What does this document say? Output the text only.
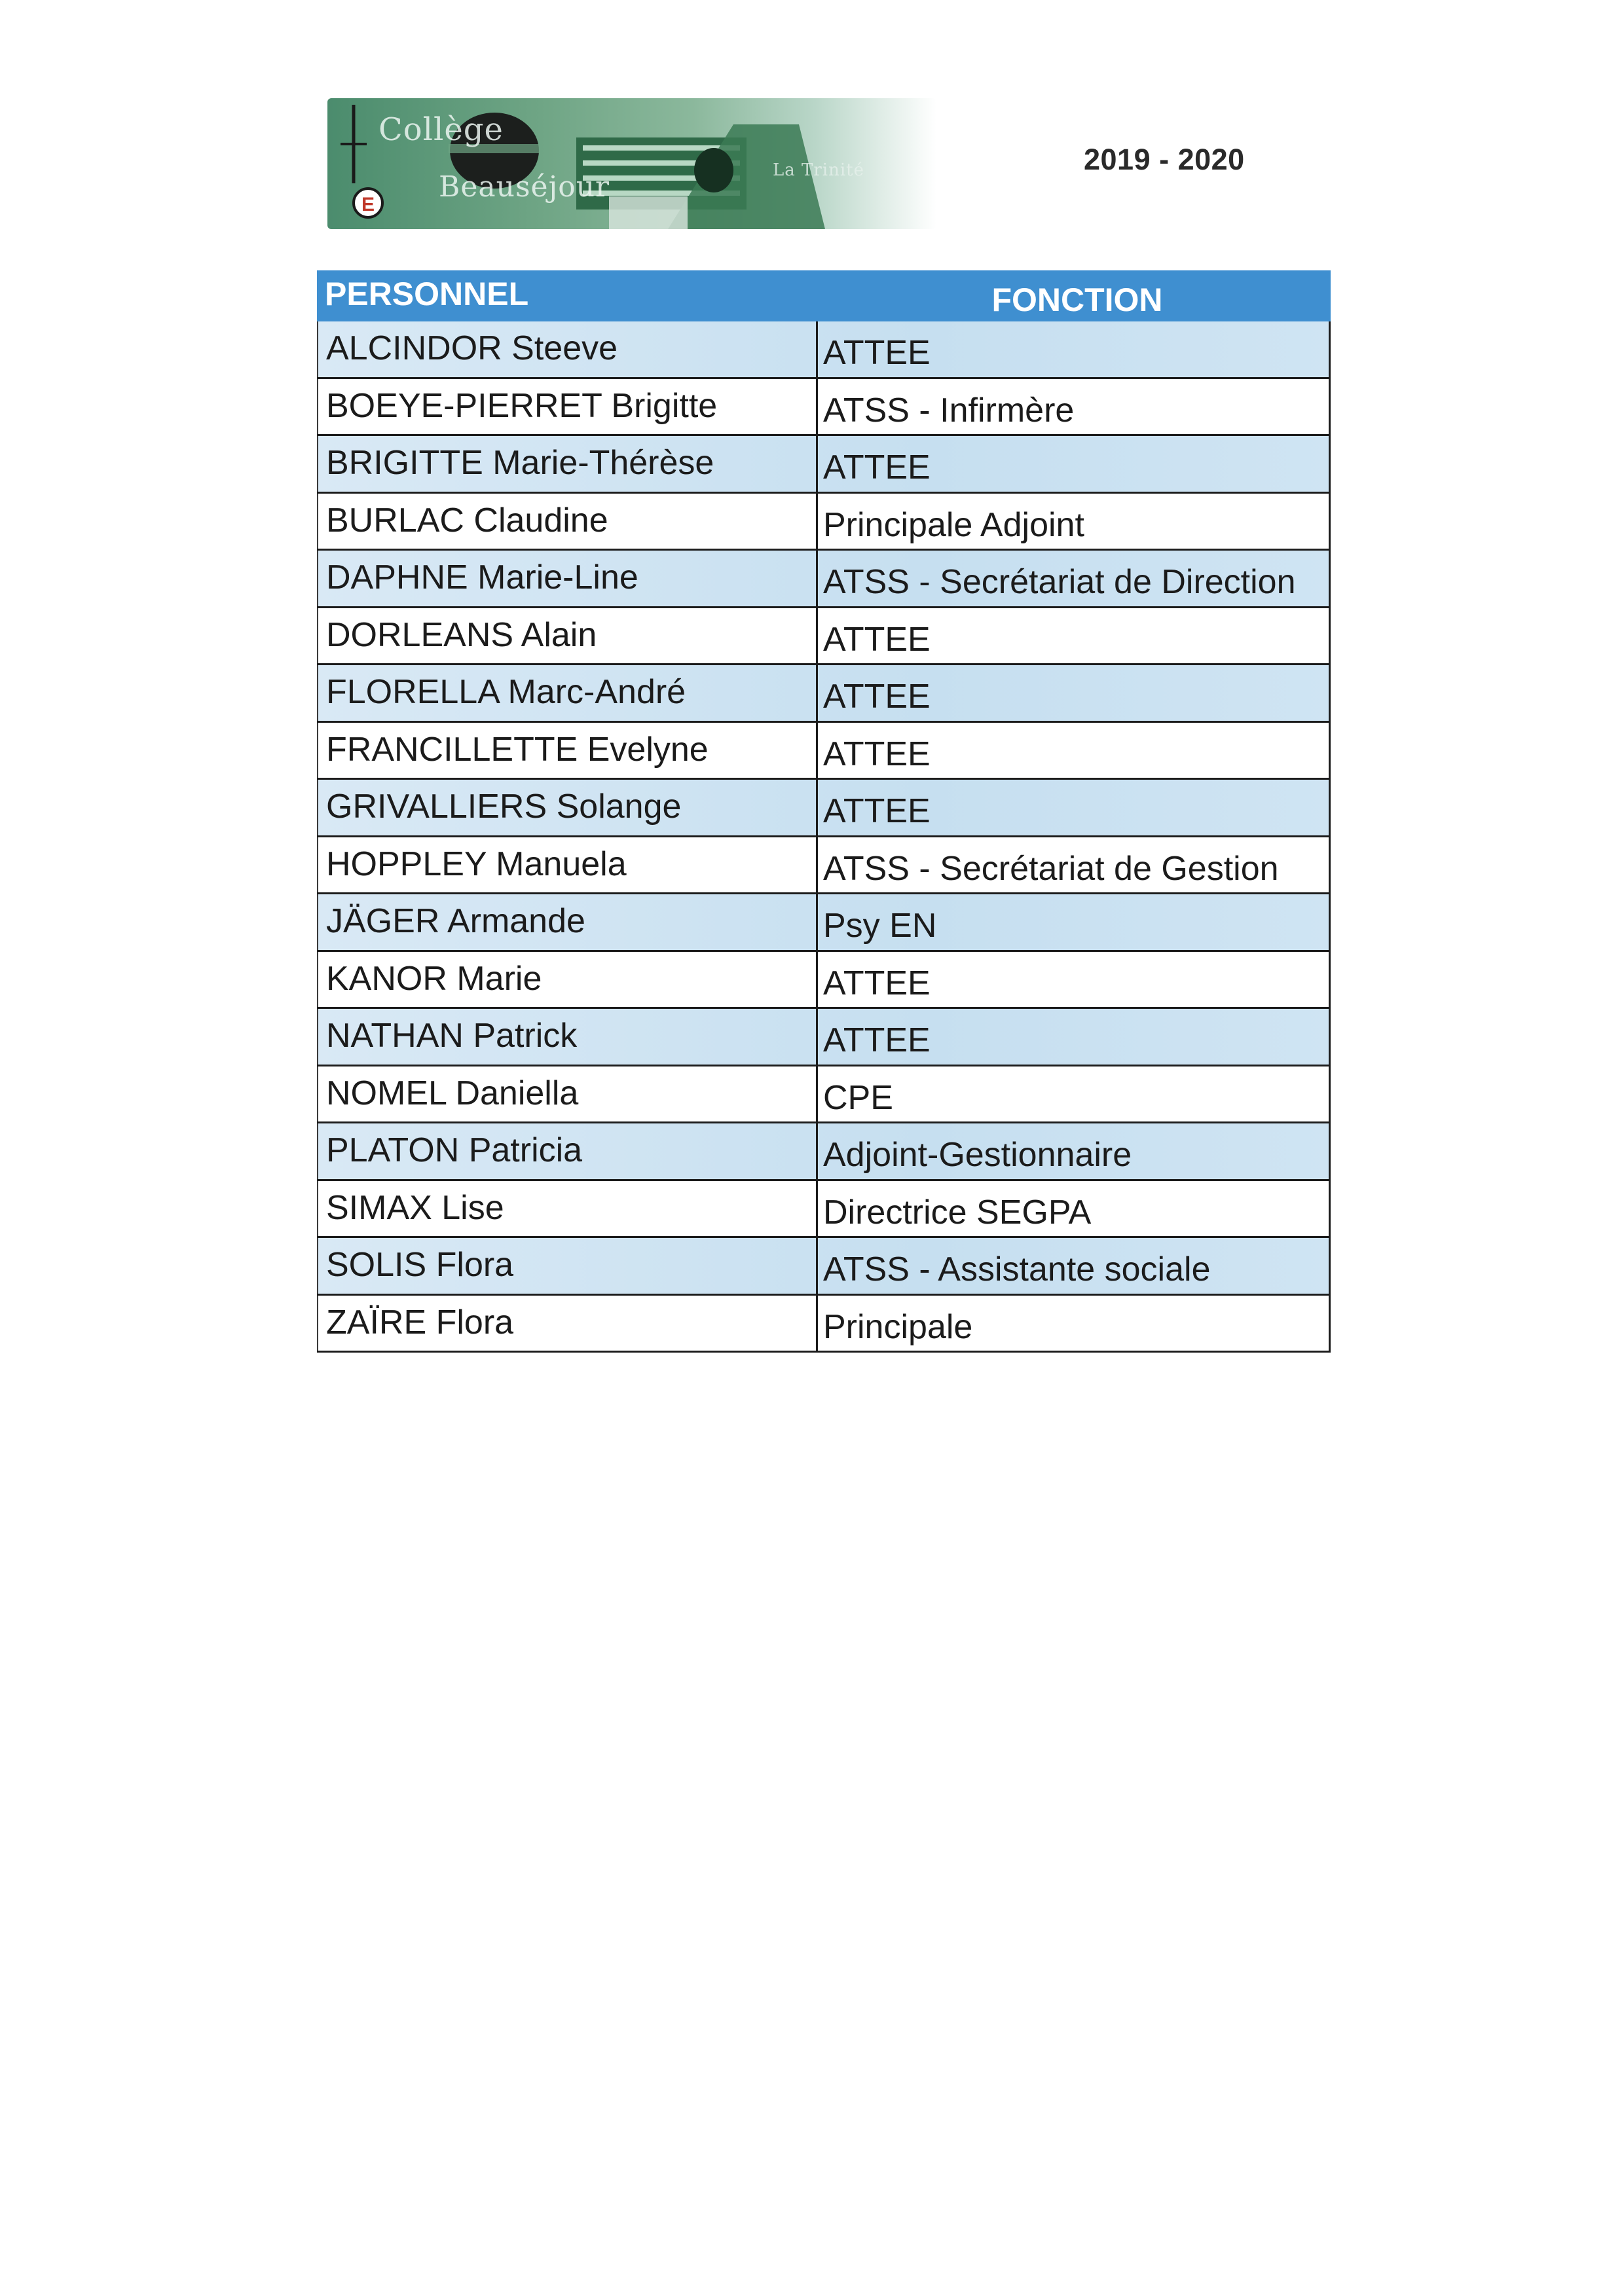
E
Collège
Beauséjour	La Trinité	2019 - 2020
PERSONNEL	FONCTION
ALCINDOR Steeve	ATTEE
BOEYE-PIERRET Brigitte	ATSS - Infirmère
BRIGITTE Marie-Thérèse	ATTEE
BURLAC Claudine	Principale Adjoint
DAPHNE Marie-Line	ATSS - Secrétariat de Direction
DORLEANS Alain	ATTEE
FLORELLA Marc-André	ATTEE
FRANCILLETTE Evelyne	ATTEE
GRIVALLIERS Solange	ATTEE
HOPPLEY Manuela	ATSS - Secrétariat de Gestion
JÄGER Armande	Psy EN
KANOR Marie	ATTEE
NATHAN Patrick	ATTEE
NOMEL Daniella	CPE
PLATON Patricia	Adjoint-Gestionnaire
SIMAX Lise	Directrice SEGPA
SOLIS Flora	ATSS - Assistante sociale
ZAÏRE Flora	Principale
